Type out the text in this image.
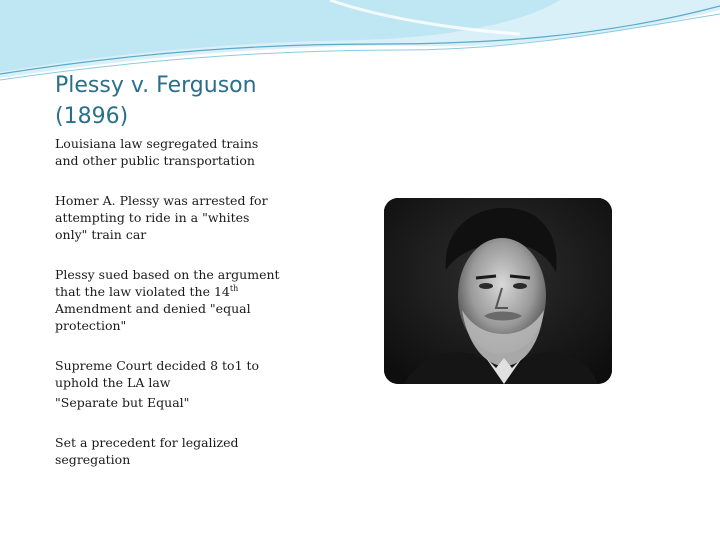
Plessy v. Ferguson
(1896)

Louisiana law segregated trains and other public transportation

Homer A. Plessy was arrested for attempting to ride in a "whites only" train car

Plessy sued based on the argument that the law violated the 14th Amendment and denied "equal protection"

Supreme Court decided 8 to1 to uphold the LA law

"Separate but Equal"

Set a precedent for legalized segregation
